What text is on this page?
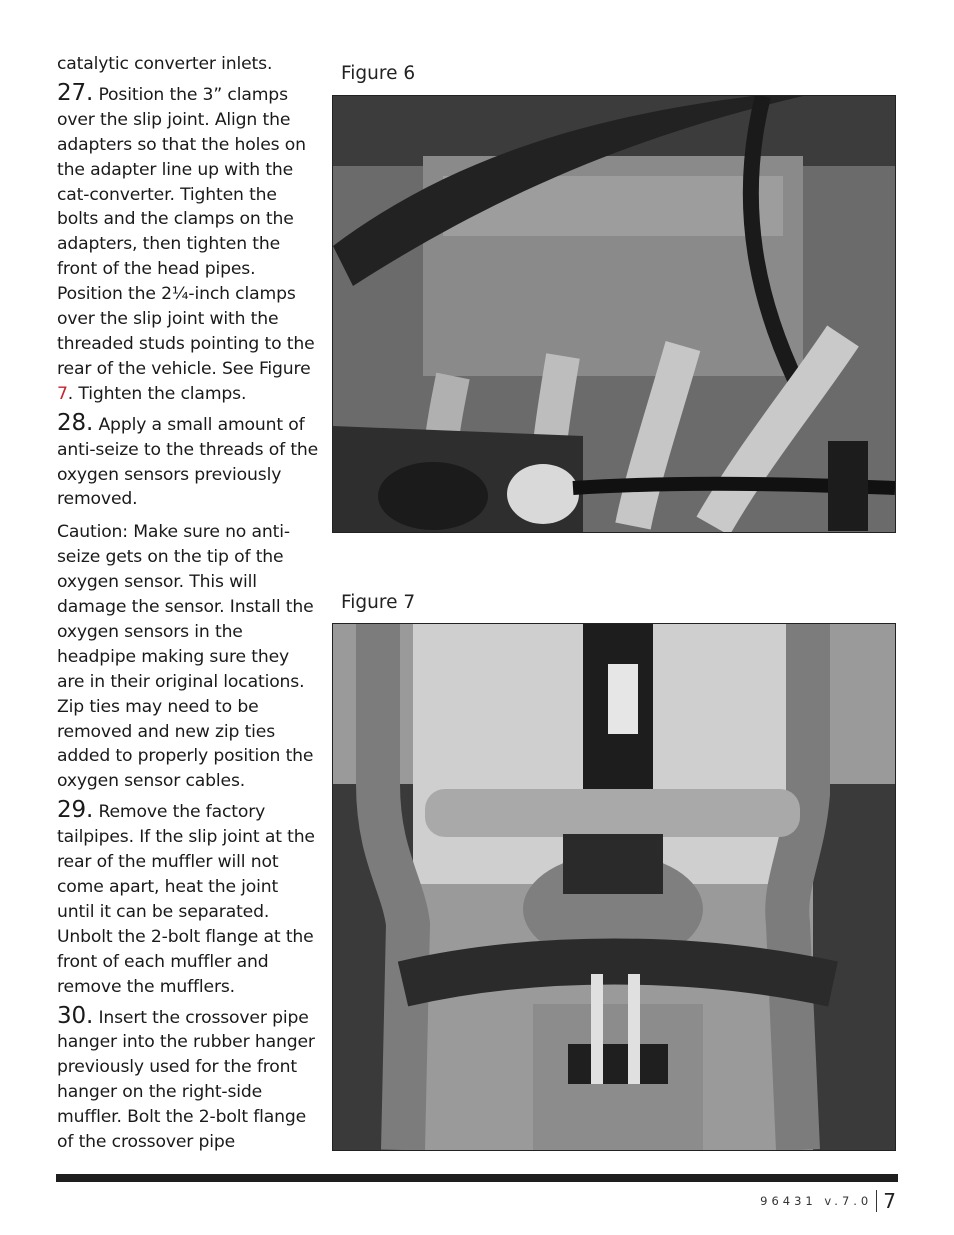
catalytic converter inlets.

27. Position the 3” clamps over the slip joint. Align the adapters so that the holes on the adapter line up with the cat-converter. Tighten the bolts and the clamps on the adapters, then tighten the front of the head pipes. Position the 2¼-inch clamps over the slip joint with the threaded studs pointing to the rear of the vehicle. See Figure 7. Tighten the clamps.

28. Apply a small amount of anti-seize to the threads of the oxygen sensors previously removed.

Caution: Make sure no anti-seize gets on the tip of the oxygen sensor. This will damage the sensor. Install the oxygen sensors in the headpipe making sure they are in their original locations. Zip ties may need to be removed and new zip ties added to properly position the oxygen sensor cables.

29. Remove the factory tailpipes. If the slip joint at the rear of the muffler will not come apart, heat the joint until it can be separated. Unbolt the 2-bolt flange at the front of each muffler and remove the mufflers.

30. Insert the crossover pipe hanger into the rubber hanger previously used for the front hanger on the right-side muffler. Bolt the 2-bolt flange of the crossover pipe

Figure 6
Figure 7
96431 v.7.0 7
